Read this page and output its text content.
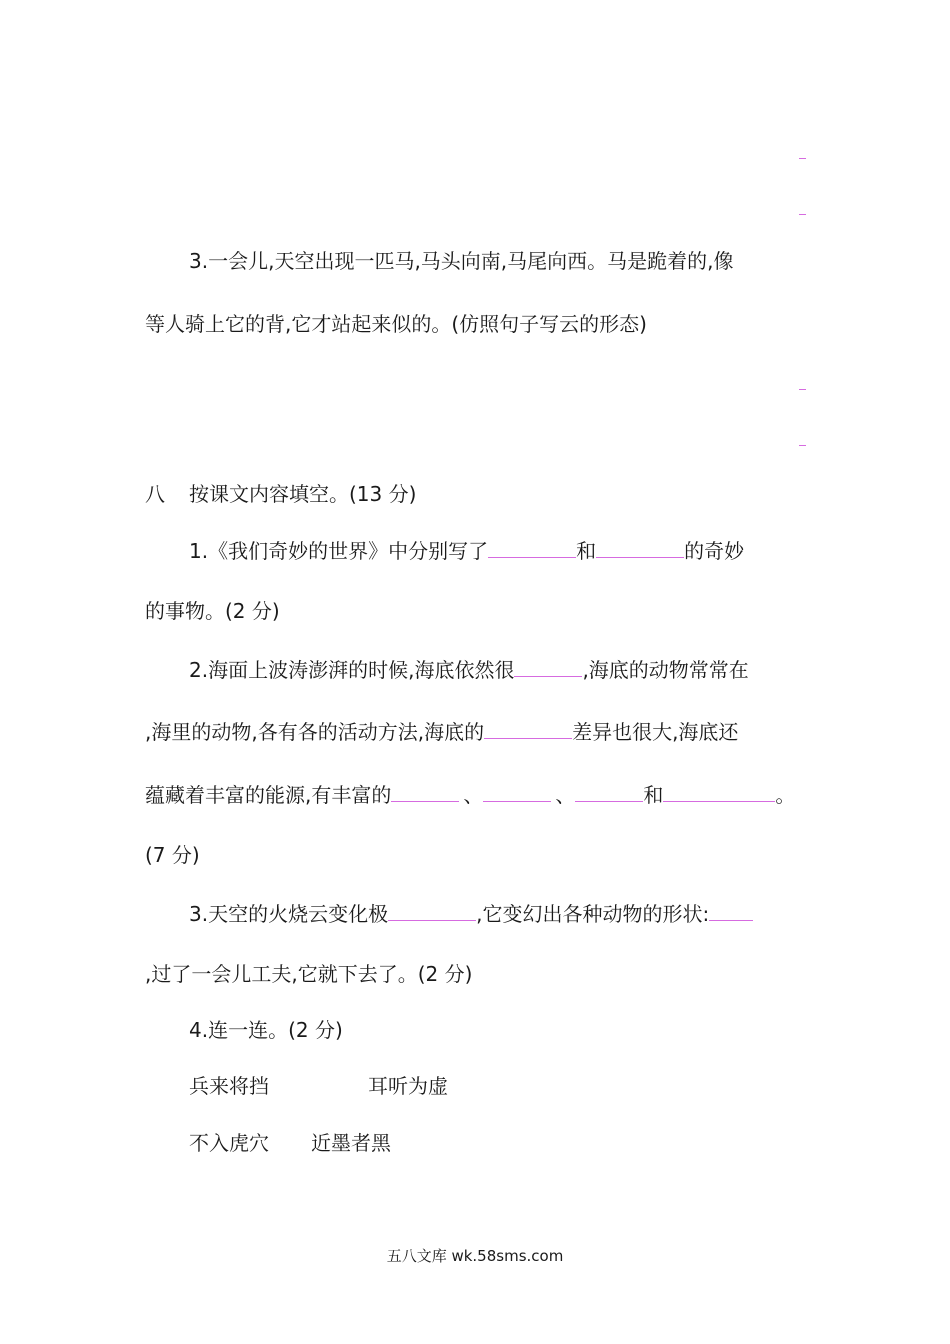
3.一会儿,天空出现一匹马,马头向南,马尾向西。马是跪着的,像
等人骑上它的背,它才站起来似的。(仿照句子写云的形态)
八 按课文内容填空。(13 分)
1.《我们奇妙的世界》中分别写了	和	的奇妙
的事物。(2 分)
2.海面上波涛澎湃的时候,海底依然很	,海底的动物常常在
,海里的动物,各有各的活动方法,海底的	差异也很大,海底还
蕴藏着丰富的能源,有丰富的	、	、	和	。
(7 分)
3.天空的火烧云变化极	,它变幻出各种动物的形状:
,过了一会儿工夫,它就下去了。(2 分)
4.连一连。(2 分)
兵来将挡	耳听为虚
不入虎穴 近墨者黑
五八文库 wk.58sms.com
